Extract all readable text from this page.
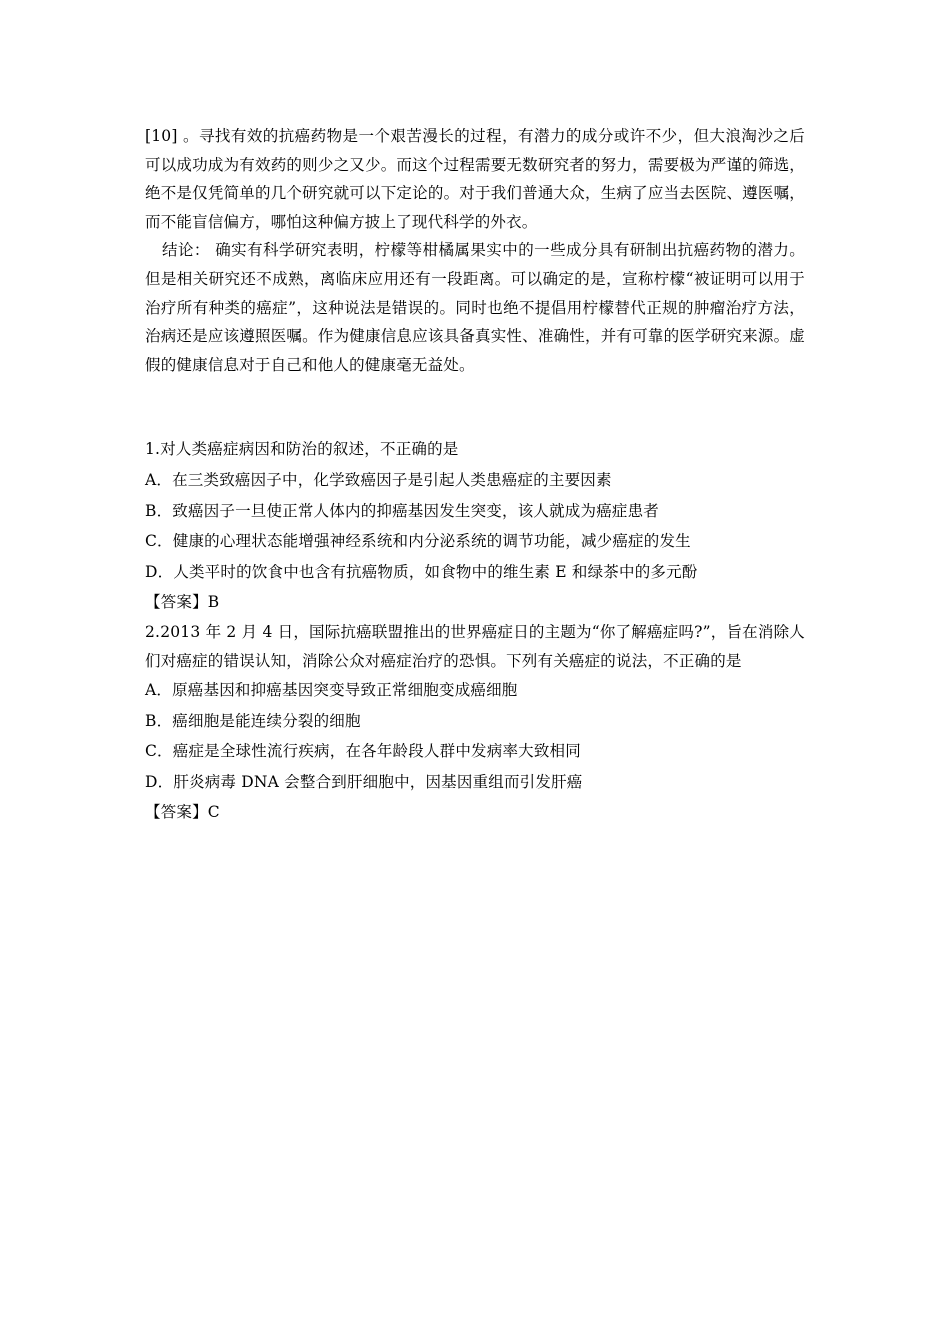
[10] 。寻找有效的抗癌药物是一个艰苦漫长的过程，有潜力的成分或许不少，但大浪淘沙之后可以成功成为有效药的则少之又少。而这个过程需要无数研究者的努力，需要极为严谨的筛选，绝不是仅凭简单的几个研究就可以下定论的。对于我们普通大众，生病了应当去医院、遵医嘱，而不能盲信偏方，哪怕这种偏方披上了现代科学的外衣。

结论： 确实有科学研究表明，柠檬等柑橘属果实中的一些成分具有研制出抗癌药物的潜力。但是相关研究还不成熟，离临床应用还有一段距离。可以确定的是，宣称柠檬“被证明可以用于治疗所有种类的癌症”，这种说法是错误的。同时也绝不提倡用柠檬替代正规的肿瘤治疗方法，治病还是应该遵照医嘱。作为健康信息应该具备真实性、准确性，并有可靠的医学研究来源。虚假的健康信息对于自己和他人的健康毫无益处。

1.对人类癌症病因和防治的叙述，不正确的是

A．在三类致癌因子中，化学致癌因子是引起人类患癌症的主要因素

B．致癌因子一旦使正常人体内的抑癌基因发生突变，该人就成为癌症患者

C．健康的心理状态能增强神经系统和内分泌系统的调节功能，减少癌症的发生

D．人类平时的饮食中也含有抗癌物质，如食物中的维生素 E 和绿茶中的多元酚

【答案】B

2.2013 年 2 月 4 日，国际抗癌联盟推出的世界癌症日的主题为“你了解癌症吗?”，旨在消除人们对癌症的错误认知，消除公众对癌症治疗的恐惧。下列有关癌症的说法，不正确的是

A．原癌基因和抑癌基因突变导致正常细胞变成癌细胞

B．癌细胞是能连续分裂的细胞

C．癌症是全球性流行疾病，在各年龄段人群中发病率大致相同

D．肝炎病毒 DNA 会整合到肝细胞中，因基因重组而引发肝癌

【答案】C
